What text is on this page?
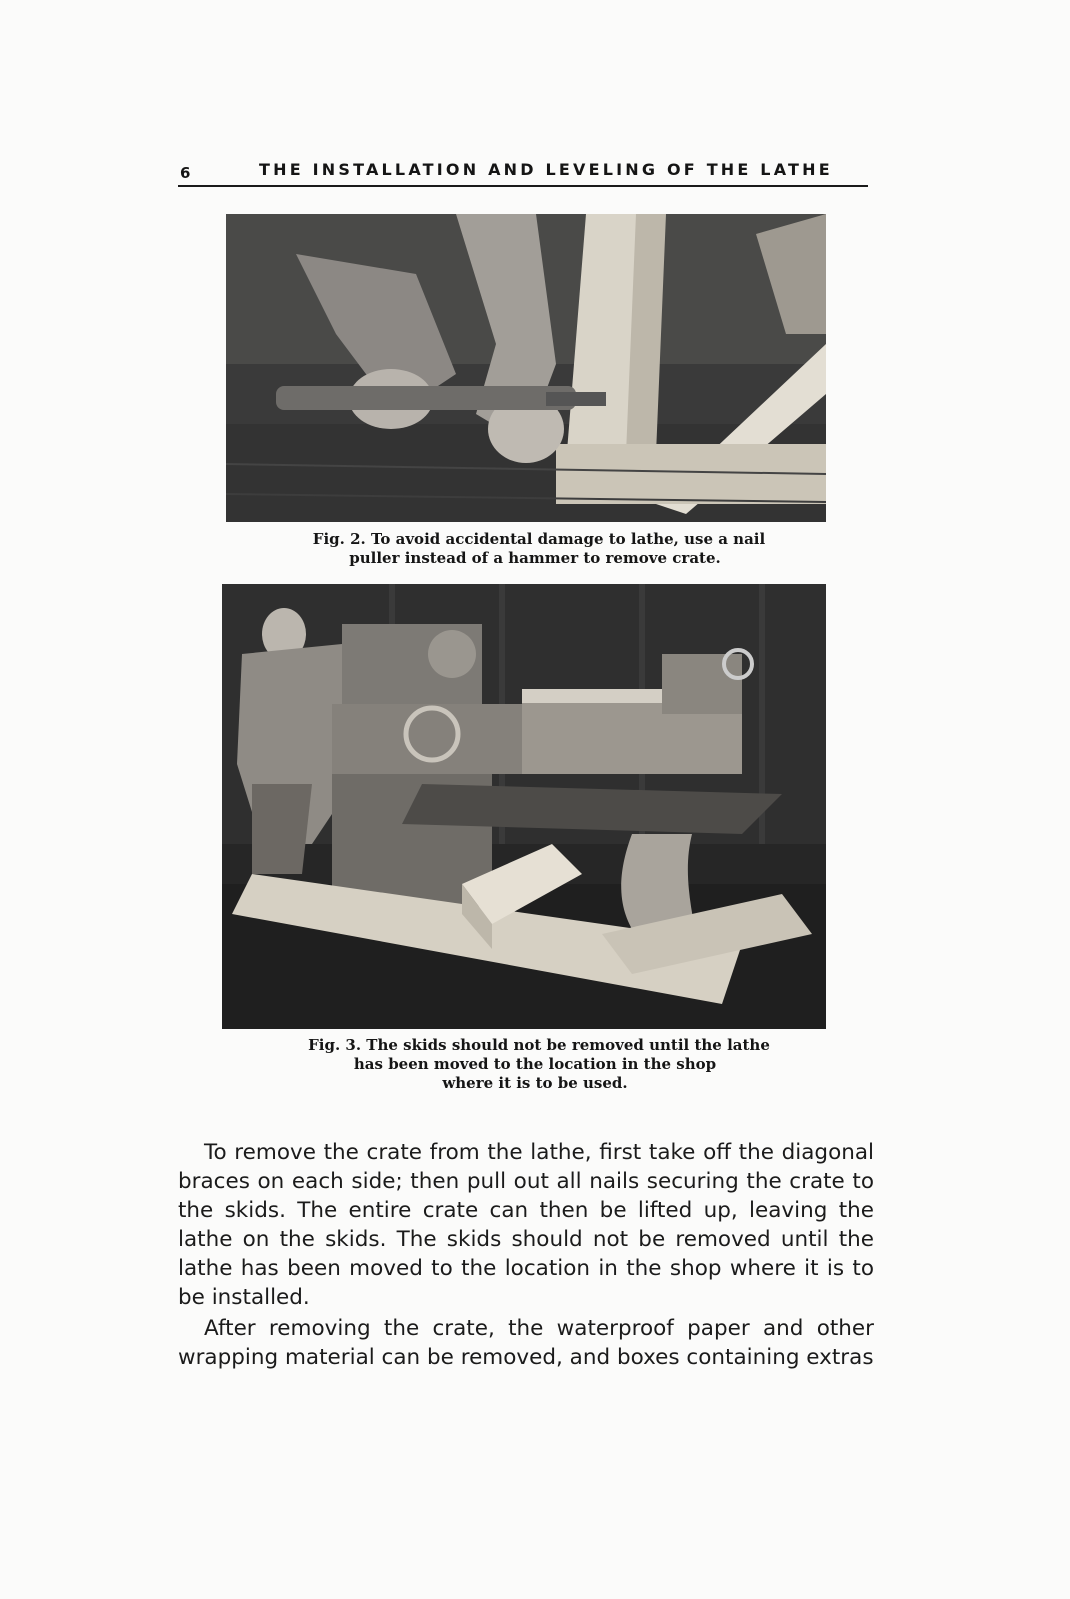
6	THE INSTALLATION AND LEVELING OF THE LATHE
Fig. 2. To avoid accidental damage to lathe, use a nail
puller instead of a hammer to remove crate.
Fig. 3. The skids should not be removed until the lathe
has been moved to the location in the shop
where it is to be used.

To remove the crate from the lathe, first take off the diagonal braces on each side; then pull out all nails securing the crate to the skids. The entire crate can then be lifted up, leaving the lathe on the skids. The skids should not be removed until the lathe has been moved to the location in the shop where it is to be installed.

After removing the crate, the waterproof paper and other wrapping material can be removed, and boxes containing extras
